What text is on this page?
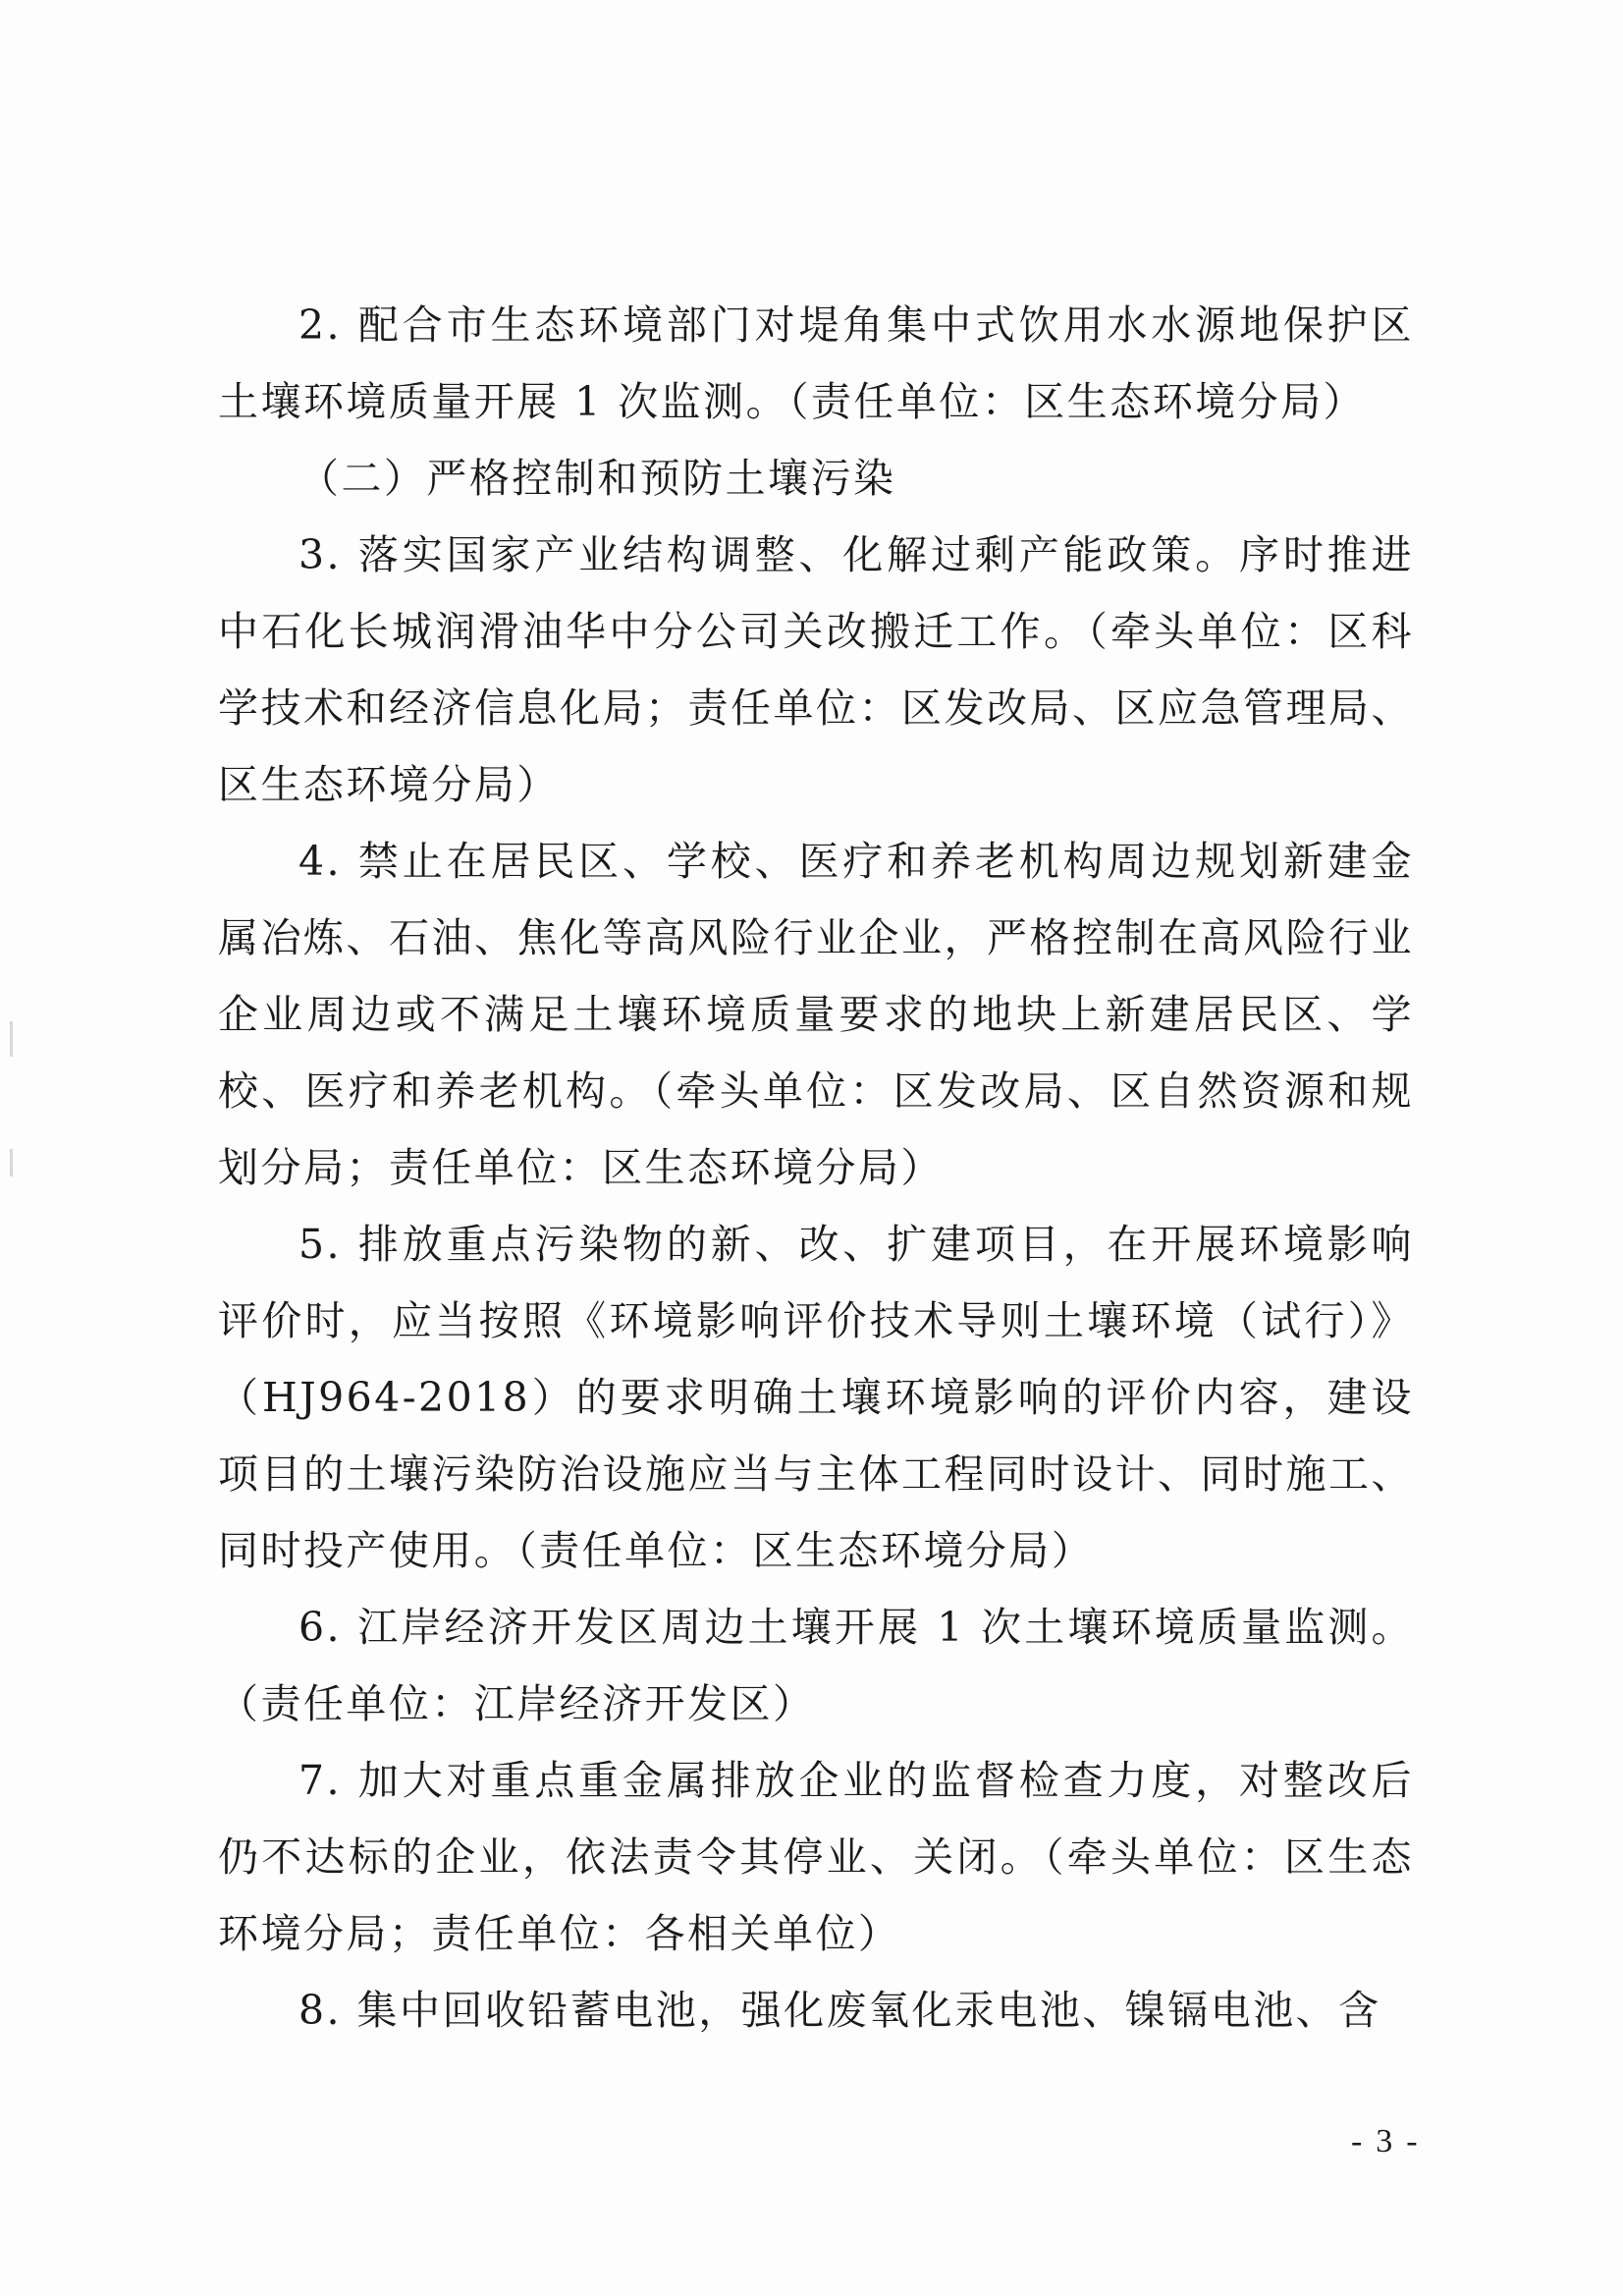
2. 配合市生态环境部门对堤角集中式饮用水水源地保护区土壤环境质量开展 1 次监测。（责任单位：区生态环境分局）

（二）严格控制和预防土壤污染

3. 落实国家产业结构调整、化解过剩产能政策。序时推进中石化长城润滑油华中分公司关改搬迁工作。（牵头单位：区科学技术和经济信息化局；责任单位：区发改局、区应急管理局、区生态环境分局）

4. 禁止在居民区、学校、医疗和养老机构周边规划新建金属冶炼、石油、焦化等高风险行业企业，严格控制在高风险行业企业周边或不满足土壤环境质量要求的地块上新建居民区、学校、医疗和养老机构。（牵头单位：区发改局、区自然资源和规划分局；责任单位：区生态环境分局）

5. 排放重点污染物的新、改、扩建项目，在开展环境影响评价时，应当按照《环境影响评价技术导则土壤环境（试行）》（HJ964-2018）的要求明确土壤环境影响的评价内容，建设项目的土壤污染防治设施应当与主体工程同时设计、同时施工、同时投产使用。（责任单位：区生态环境分局）

6. 江岸经济开发区周边土壤开展 1 次土壤环境质量监测。（责任单位：江岸经济开发区）

7. 加大对重点重金属排放企业的监督检查力度，对整改后仍不达标的企业，依法责令其停业、关闭。（牵头单位：区生态环境分局；责任单位：各相关单位）

8. 集中回收铅蓄电池，强化废氧化汞电池、镍镉电池、含

- 3 -
